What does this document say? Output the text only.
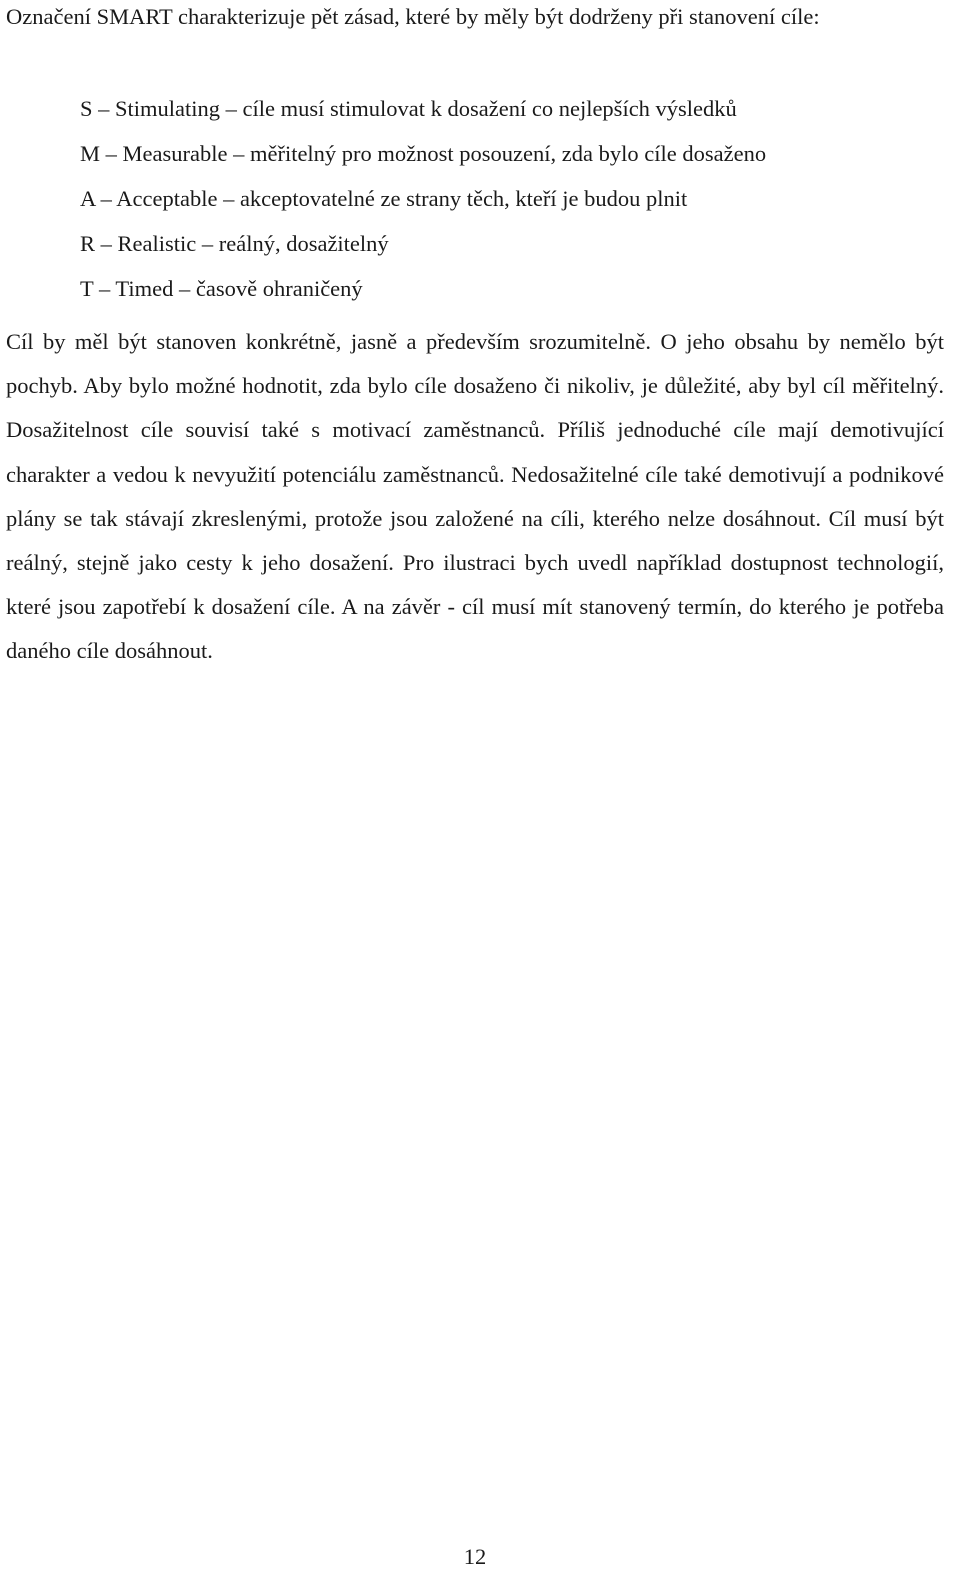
Označení SMART charakterizuje pět zásad, které by měly být dodrženy při stanovení cíle:

S – Stimulating – cíle musí stimulovat k dosažení co nejlepších výsledků
M – Measurable – měřitelný pro možnost posouzení, zda bylo cíle dosaženo
A – Acceptable – akceptovatelné ze strany těch, kteří je budou plnit
R – Realistic – reálný, dosažitelný
T – Timed – časově ohraničený

Cíl by měl být stanoven konkrétně, jasně a především srozumitelně. O jeho obsahu by nemělo být pochyb. Aby bylo možné hodnotit, zda bylo cíle dosaženo či nikoliv, je důležité, aby byl cíl měřitelný. Dosažitelnost cíle souvisí také s motivací zaměstnanců. Příliš jednoduché cíle mají demotivující charakter a vedou k nevyužití potenciálu zaměstnanců. Nedosažitelné cíle také demotivují a podnikové plány se tak stávají zkreslenými, protože jsou založené na cíli, kterého nelze dosáhnout. Cíl musí být reálný, stejně jako cesty k jeho dosažení. Pro ilustraci bych uvedl například dostupnost technologií, které jsou zapotřebí k dosažení cíle. A na závěr - cíl musí mít stanovený termín, do kterého je potřeba daného cíle dosáhnout.

12
